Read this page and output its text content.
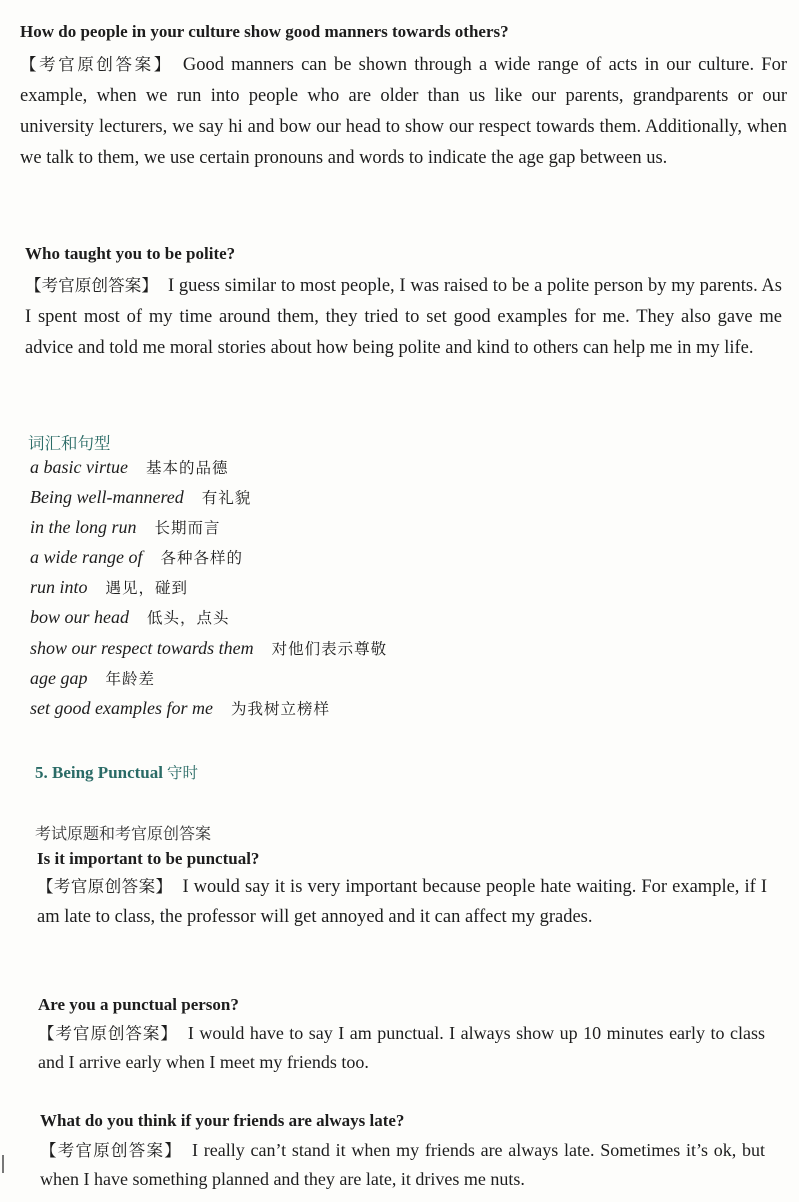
How do people in your culture show good manners towards others?
【考官原创答案】 Good manners can be shown through a wide range of acts in our culture. For example, when we run into people who are older than us like our parents, grandparents or our university lecturers, we say hi and bow our head to show our respect towards them. Additionally, when we talk to them, we use certain pronouns and words to indicate the age gap between us.
Who taught you to be polite?
【考官原创答案】 I guess similar to most people, I was raised to be a polite person by my parents. As I spent most of my time around them, they tried to set good examples for me. They also gave me advice and told me moral stories about how being polite and kind to others can help me in my life.
词汇和句型
a basic virtue 基本的品德
Being well-mannered 有礼貌
in the long run 长期而言
a wide range of 各种各样的
run into 遇见，碰到
bow our head 低头，点头
show our respect towards them 对他们表示尊敬
age gap 年龄差
set good examples for me 为我树立榜样
5. Being Punctual 守时
考试原题和考官原创答案
Is it important to be punctual?
【考官原创答案】 I would say it is very important because people hate waiting. For example, if I am late to class, the professor will get annoyed and it can affect my grades.
Are you a punctual person?
【考官原创答案】 I would have to say I am punctual. I always show up 10 minutes early to class and I arrive early when I meet my friends too.
What do you think if your friends are always late?
【考官原创答案】 I really can’t stand it when my friends are always late. Sometimes it’s ok, but when I have something planned and they are late, it drives me nuts.
